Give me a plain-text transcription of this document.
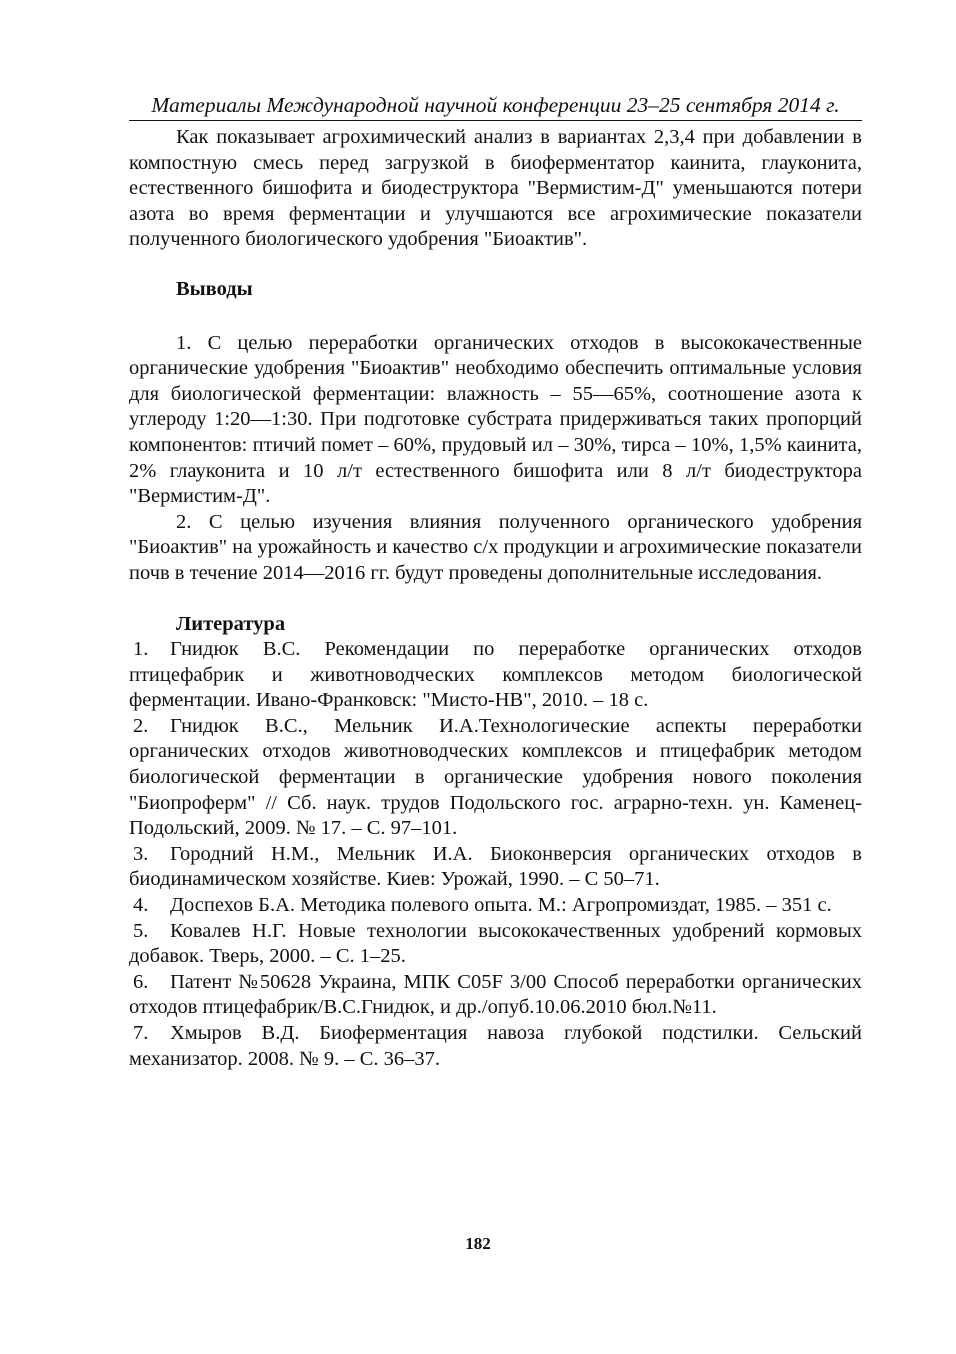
Материалы Международной научной конференции 23–25 сентября 2014 г.

Как показывает агрохимический анализ в вариантах 2,3,4 при добавлении в компостную смесь перед загрузкой в биоферментатор каинита, глауконита, естественного бишофита и биодеструктора "Вермистим-Д" уменьшаются потери азота во время ферментации и улучшаются все агрохимические показатели полученного биологического удобрения "Биоактив".

Выводы

1. С целью переработки органических отходов в высококачественные органические удобрения "Биоактив" необходимо обеспечить оптимальные условия для биологической ферментации: влажность – 55—65%, соотношение азота к углероду 1:20—1:30. При подготовке субстрата придерживаться таких пропорций компонентов: птичий помет – 60%, прудовый ил – 30%, тирса – 10%, 1,5% каинита, 2% глауконита и 10 л/т естественного бишофита или 8 л/т биодеструктора "Вермистим-Д".

2. С целью изучения влияния полученного органического удобрения "Биоактив" на урожайность и качество с/х продукции и агрохимические показатели почв в течение 2014—2016 гг. будут проведены дополнительные исследования.

Литература

1. Гнидюк В.С. Рекомендации по переработке органических отходов птицефабрик и животноводческих комплексов методом биологической ферментации. Ивано-Франковск: "Мисто-НВ", 2010. – 18 с.
2. Гнидюк В.С., Мельник И.А.Технологические аспекты переработки органических отходов животноводческих комплексов и птицефабрик методом биологической ферментации в органические удобрения нового поколения "Биопроферм" // Сб. наук. трудов Подольского гос. аграрно-техн. ун. Каменец-Подольский, 2009. № 17. – С. 97–101.
3. Городний Н.М., Мельник И.А. Биоконверсия органических отходов в биодинамическом хозяйстве. Киев: Урожай, 1990. – С 50–71.
4. Доспехов Б.А. Методика полевого опыта. М.: Агропромиздат, 1985. – 351 с.
5. Ковалев Н.Г. Новые технологии высококачественных удобрений кормовых добавок. Тверь, 2000. – С. 1–25.
6. Патент №50628 Украина, МПК С05F 3/00 Способ переработки органических отходов птицефабрик/В.С.Гнидюк, и др./опуб.10.06.2010 бюл.№11.
7. Хмыров В.Д. Биоферментация навоза глубокой подстилки. Сельский механизатор. 2008. № 9. – С. 36–37.
182
